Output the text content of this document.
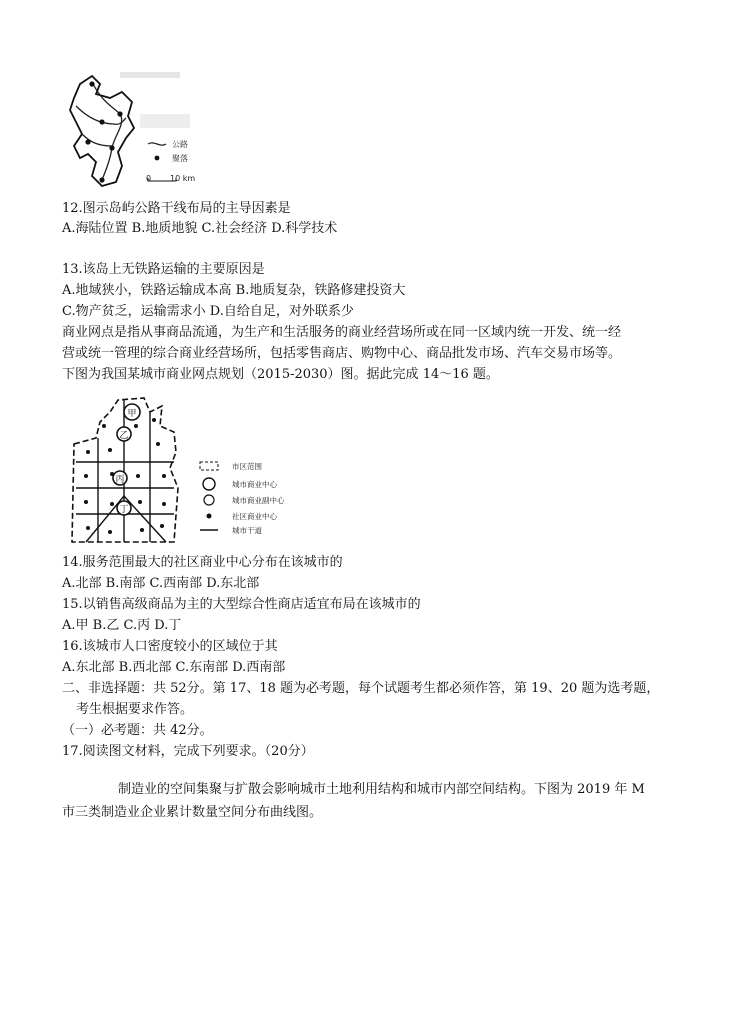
公路
聚落
0 10 km
12.图示岛屿公路干线布局的主导因素是
A.海陆位置 B.地质地貌 C.社会经济 D.科学技术
13.该岛上无铁路运输的主要原因是
A.地域狭小，铁路运输成本高 B.地质复杂，铁路修建投资大
C.物产贫乏，运输需求小 D.自给自足，对外联系少
商业网点是指从事商品流通，为生产和生活服务的商业经营场所或在同一区域内统一开发、统一经
营或统一管理的综合商业经营场所，包括零售商店、购物中心、商品批发市场、汽车交易市场等。
下图为我国某城市商业网点规划（2015-2030）图。据此完成 14～16 题。
甲
乙
丙
丁
市区范围
城市商业中心
城市商业副中心
社区商业中心
城市干道
14.服务范围最大的社区商业中心分布在该城市的
A.北部 B.南部 C.西南部 D.东北部
15.以销售高级商品为主的大型综合性商店适宜布局在该城市的
A.甲 B.乙 C.丙 D.丁
16.该城市人口密度较小的区域位于其
A.东北部 B.西北部 C.东南部 D.西南部
二、非选择题：共 52分。第 17、18 题为必考题，每个试题考生都必须作答，第 19、20 题为选考题，
考生根据要求作答。
（一）必考题：共 42分。
17.阅读图文材料，完成下列要求。（20分）
制造业的空间集聚与扩散会影响城市土地利用结构和城市内部空间结构。下图为 2019 年 M
市三类制造业企业累计数量空间分布曲线图。
